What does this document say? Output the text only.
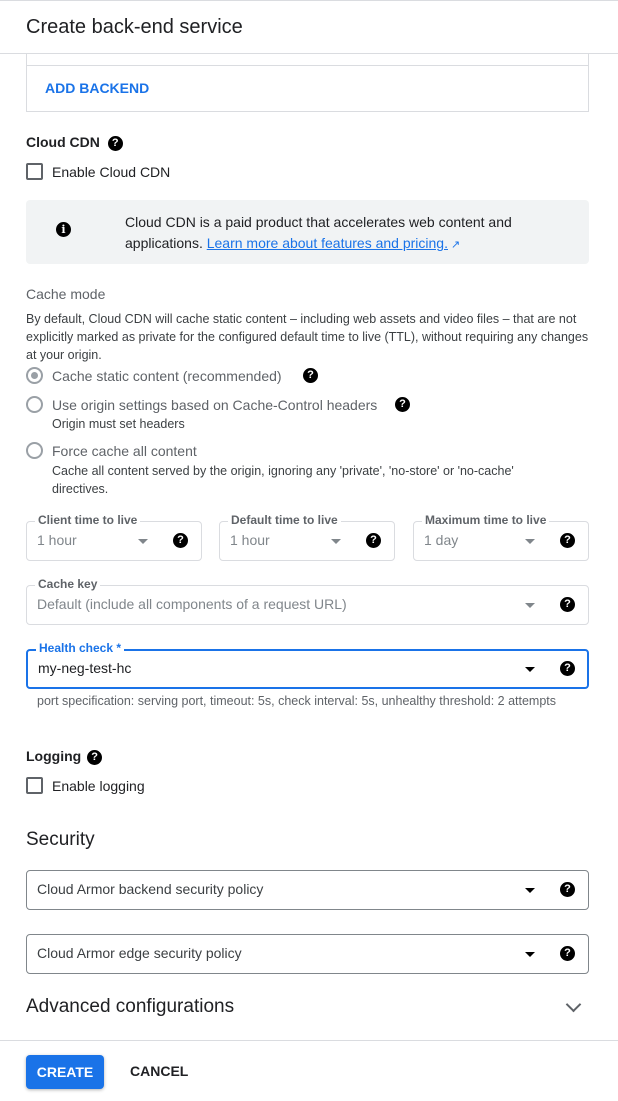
Create back-end service
ADD BACKEND
Cloud CDN ?
Enable Cloud CDN
i	Cloud CDN is a paid product that accelerates web content and applications. Learn more about features and pricing. ↗
Cache mode
By default, Cloud CDN will cache static content – including web assets and video files – that are not explicitly marked as private for the configured default time to live (TTL), without requiring any changes at your origin.
Cache static content (recommended)	?
Use origin settings based on Cache-Control headers	?
Origin must set headers
Force cache all content
Cache all content served by the origin, ignoring any 'private', 'no-store' or 'no-cache' directives.
Client time to live
1 hour	?
Default time to live
1 hour	?
Maximum time to live
1 day	?
Cache key
Default (include all components of a request URL)	?
Health check *
my-neg-test-hc	?
port specification: serving port, timeout: 5s, check interval: 5s, unhealthy threshold: 2 attempts
Logging ?
Enable logging
Security
Cloud Armor backend security policy	?
Cloud Armor edge security policy	?
Advanced configurations
CREATE	CANCEL
